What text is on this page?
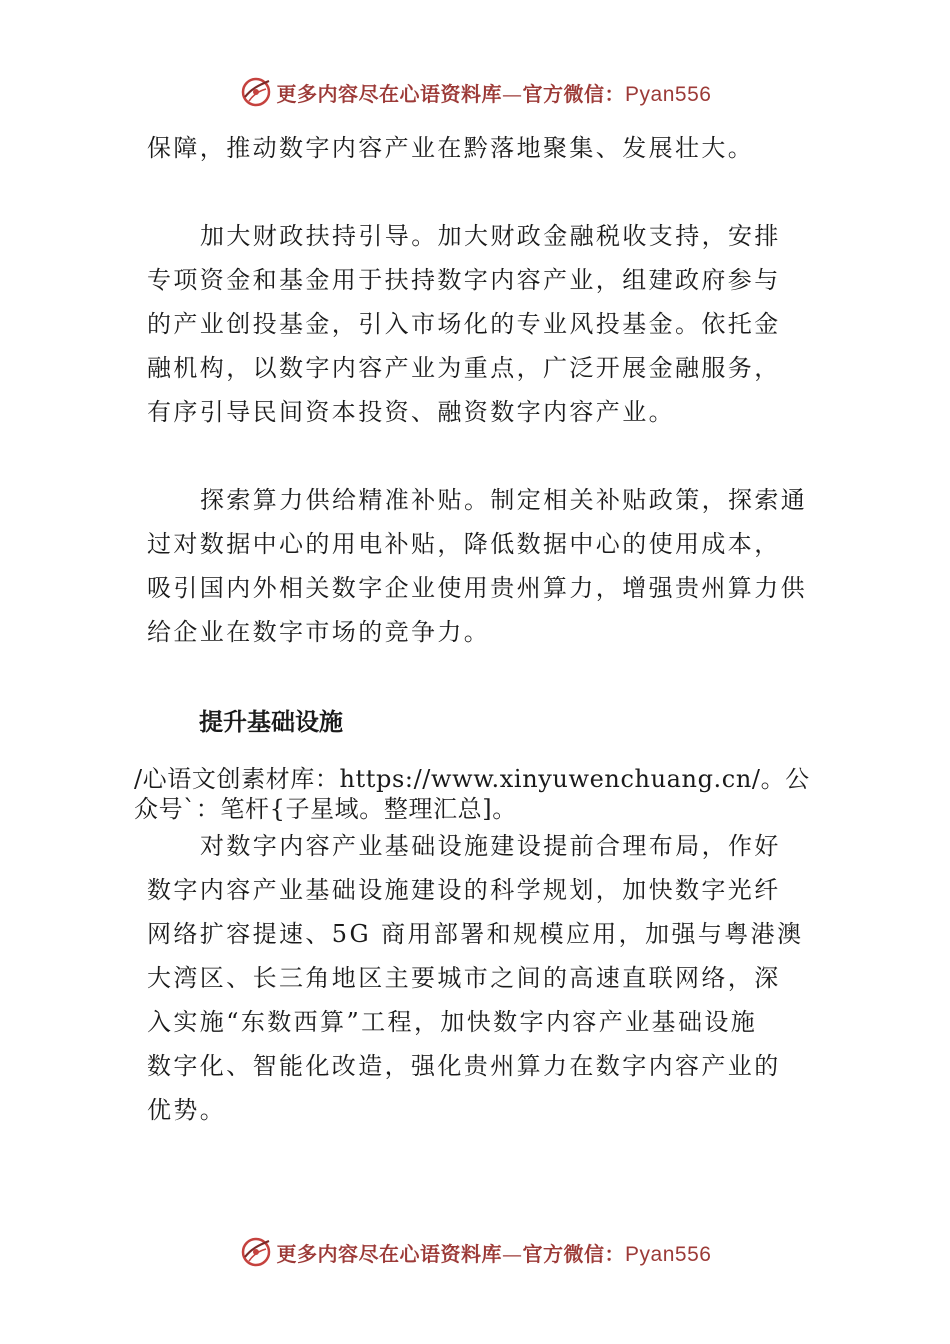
更多内容尽在心语资料库—官方微信：Pyan556
保障，推动数字内容产业在黔落地聚集、发展壮大。
加大财政扶持引导。加大财政金融税收支持，安排
专项资金和基金用于扶持数字内容产业，组建政府参与
的产业创投基金，引入市场化的专业风投基金。依托金
融机构，以数字内容产业为重点，广泛开展金融服务，
有序引导民间资本投资、融资数字内容产业。
探索算力供给精准补贴。制定相关补贴政策，探索通
过对数据中心的用电补贴，降低数据中心的使用成本，
吸引国内外相关数字企业使用贵州算力，增强贵州算力供
给企业在数字市场的竞争力。
提升基础设施
/心语文创素材库：https://www.xinyuwenchuang.cn/。公
众号`：笔杆{子星域。整理汇总]。
对数字内容产业基础设施建设提前合理布局，作好
数字内容产业基础设施建设的科学规划，加快数字光纤
网络扩容提速、5G 商用部署和规模应用，加强与粤港澳
大湾区、长三角地区主要城市之间的高速直联网络，深
入实施“东数西算”工程，加快数字内容产业基础设施
数字化、智能化改造，强化贵州算力在数字内容产业的
优势。
更多内容尽在心语资料库—官方微信：Pyan556
